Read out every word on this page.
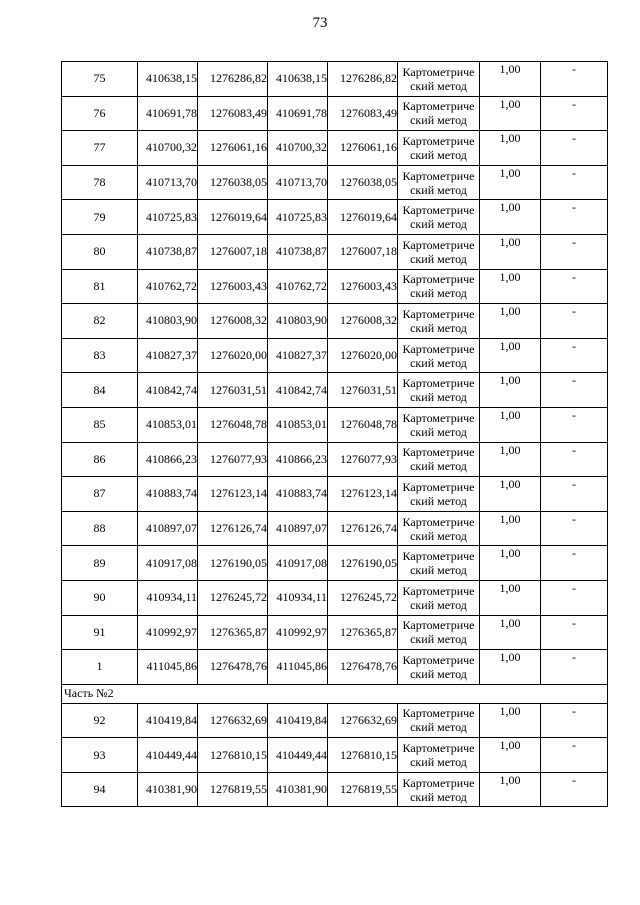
73
75	410638,15	1276286,82	410638,15	1276286,82	Картометриче
ский метод	1,00	-
76	410691,78	1276083,49	410691,78	1276083,49	Картометриче
ский метод	1,00	-
77	410700,32	1276061,16	410700,32	1276061,16	Картометриче
ский метод	1,00	-
78	410713,70	1276038,05	410713,70	1276038,05	Картометриче
ский метод	1,00	-
79	410725,83	1276019,64	410725,83	1276019,64	Картометриче
ский метод	1,00	-
80	410738,87	1276007,18	410738,87	1276007,18	Картометриче
ский метод	1,00	-
81	410762,72	1276003,43	410762,72	1276003,43	Картометриче
ский метод	1,00	-
82	410803,90	1276008,32	410803,90	1276008,32	Картометриче
ский метод	1,00	-
83	410827,37	1276020,00	410827,37	1276020,00	Картометриче
ский метод	1,00	-
84	410842,74	1276031,51	410842,74	1276031,51	Картометриче
ский метод	1,00	-
85	410853,01	1276048,78	410853,01	1276048,78	Картометриче
ский метод	1,00	-
86	410866,23	1276077,93	410866,23	1276077,93	Картометриче
ский метод	1,00	-
87	410883,74	1276123,14	410883,74	1276123,14	Картометриче
ский метод	1,00	-
88	410897,07	1276126,74	410897,07	1276126,74	Картометриче
ский метод	1,00	-
89	410917,08	1276190,05	410917,08	1276190,05	Картометриче
ский метод	1,00	-
90	410934,11	1276245,72	410934,11	1276245,72	Картометриче
ский метод	1,00	-
91	410992,97	1276365,87	410992,97	1276365,87	Картометриче
ский метод	1,00	-
1	411045,86	1276478,76	411045,86	1276478,76	Картометриче
ский метод	1,00	-
Часть №2							
92	410419,84	1276632,69	410419,84	1276632,69	Картометриче
ский метод	1,00	-
93	410449,44	1276810,15	410449,44	1276810,15	Картометриче
ский метод	1,00	-
94	410381,90	1276819,55	410381,90	1276819,55	Картометриче
ский метод	1,00	-
